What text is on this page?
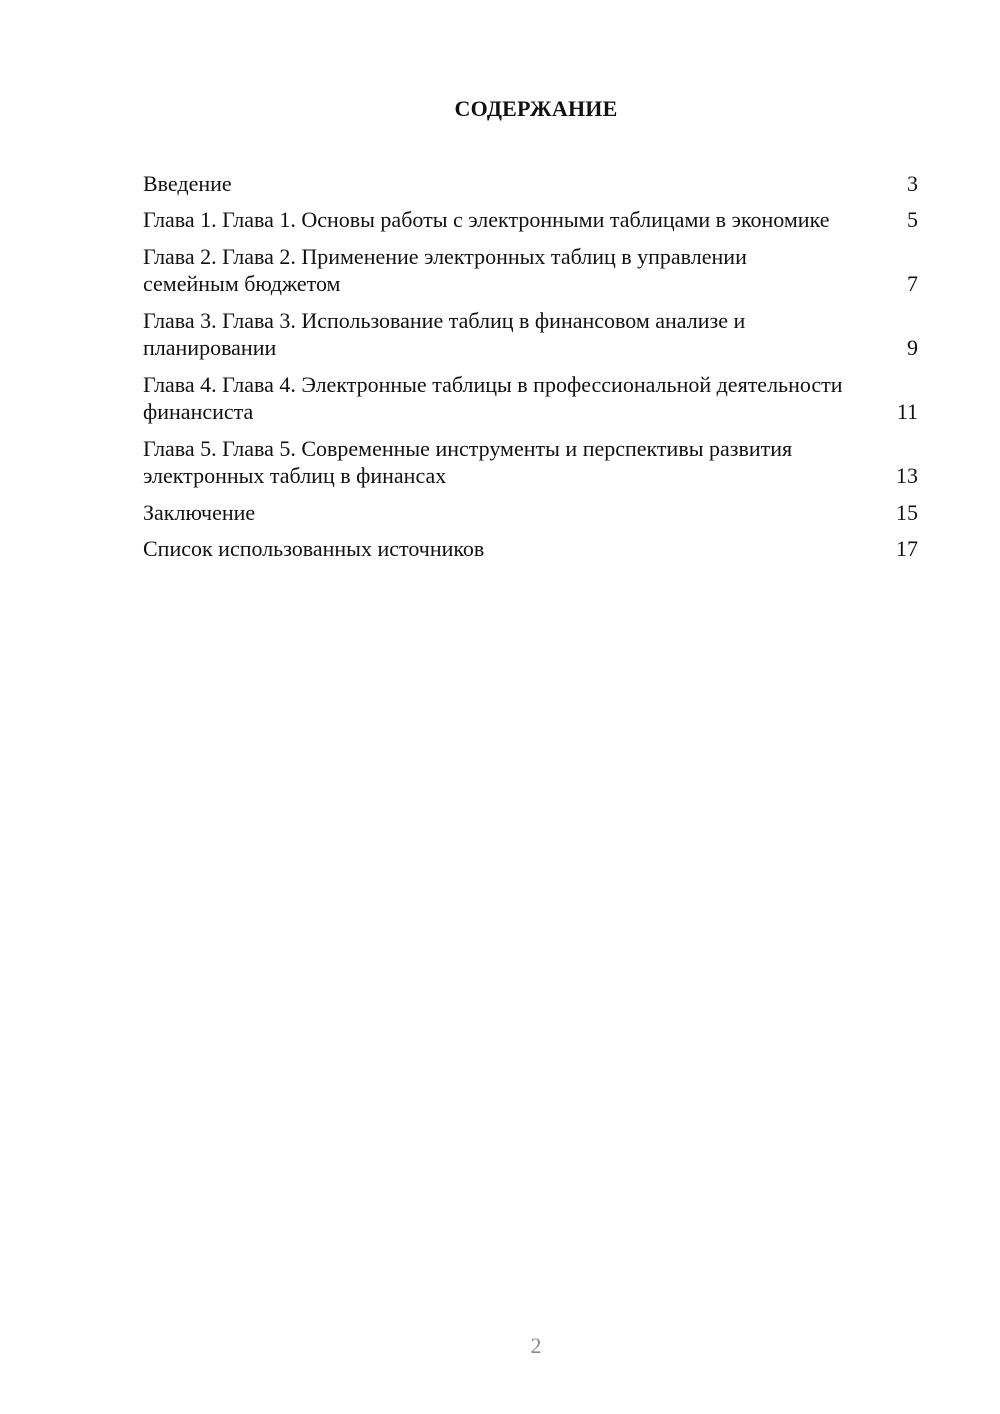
СОДЕРЖАНИЕ
Введение	3
Глава 1. Глава 1. Основы работы с электронными таблицами в экономике	5
Глава 2. Глава 2. Применение электронных таблиц в управлении семейным бюджетом	7
Глава 3. Глава 3. Использование таблиц в финансовом анализе и планировании	9
Глава 4. Глава 4. Электронные таблицы в профессиональной деятельности финансиста	11
Глава 5. Глава 5. Современные инструменты и перспективы развития электронных таблиц в финансах	13
Заключение	15
Список использованных источников	17
2
